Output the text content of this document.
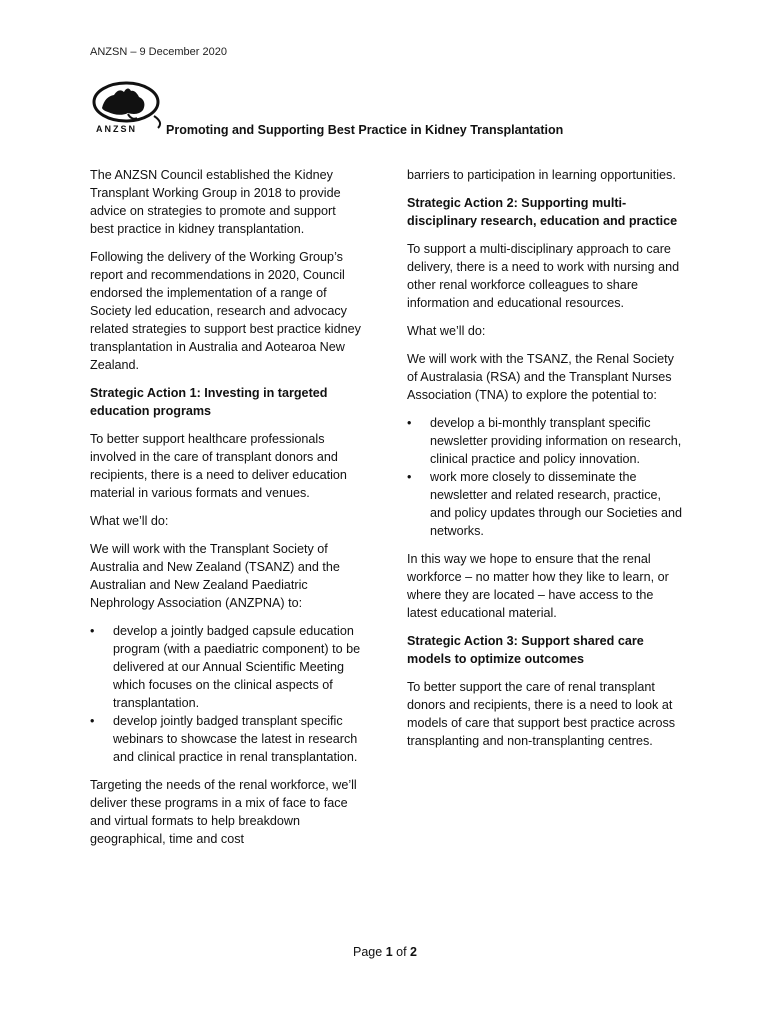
ANZSN – 9 December 2020
ANZSN Promoting and Supporting Best Practice in Kidney Transplantation

The ANZSN Council established the Kidney Transplant Working Group in 2018 to provide advice on strategies to promote and support best practice in kidney transplantation.

Following the delivery of the Working Group’s report and recommendations in 2020, Council endorsed the implementation of a range of Society led education, research and advocacy related strategies to support best practice kidney transplantation in Australia and Aotearoa New Zealand.

Strategic Action 1: Investing in targeted education programs

To better support healthcare professionals involved in the care of transplant donors and recipients, there is a need to deliver education material in various formats and venues.

What we’ll do:

We will work with the Transplant Society of Australia and New Zealand (TSANZ) and the Australian and New Zealand Paediatric Nephrology Association (ANZPNA) to:

• develop a jointly badged capsule education program (with a paediatric component) to be delivered at our Annual Scientific Meeting which focuses on the clinical aspects of transplantation.
• develop jointly badged transplant specific webinars to showcase the latest in research and clinical practice in renal transplantation.

Targeting the needs of the renal workforce, we’ll deliver these programs in a mix of face to face and virtual formats to help breakdown geographical, time and cost

barriers to participation in learning opportunities.

Strategic Action 2: Supporting multi-disciplinary research, education and practice

To support a multi-disciplinary approach to care delivery, there is a need to work with nursing and other renal workforce colleagues to share information and educational resources.

What we’ll do:

We will work with the TSANZ, the Renal Society of Australasia (RSA) and the Transplant Nurses Association (TNA) to explore the potential to:

• develop a bi-monthly transplant specific newsletter providing information on research, clinical practice and policy innovation.
• work more closely to disseminate the newsletter and related research, practice, and policy updates through our Societies and networks.

In this way we hope to ensure that the renal workforce – no matter how they like to learn, or where they are located – have access to the latest educational material.

Strategic Action 3: Support shared care models to optimize outcomes

To better support the care of renal transplant donors and recipients, there is a need to look at models of care that support best practice across transplanting and non-transplanting centres.

Page 1 of 2
